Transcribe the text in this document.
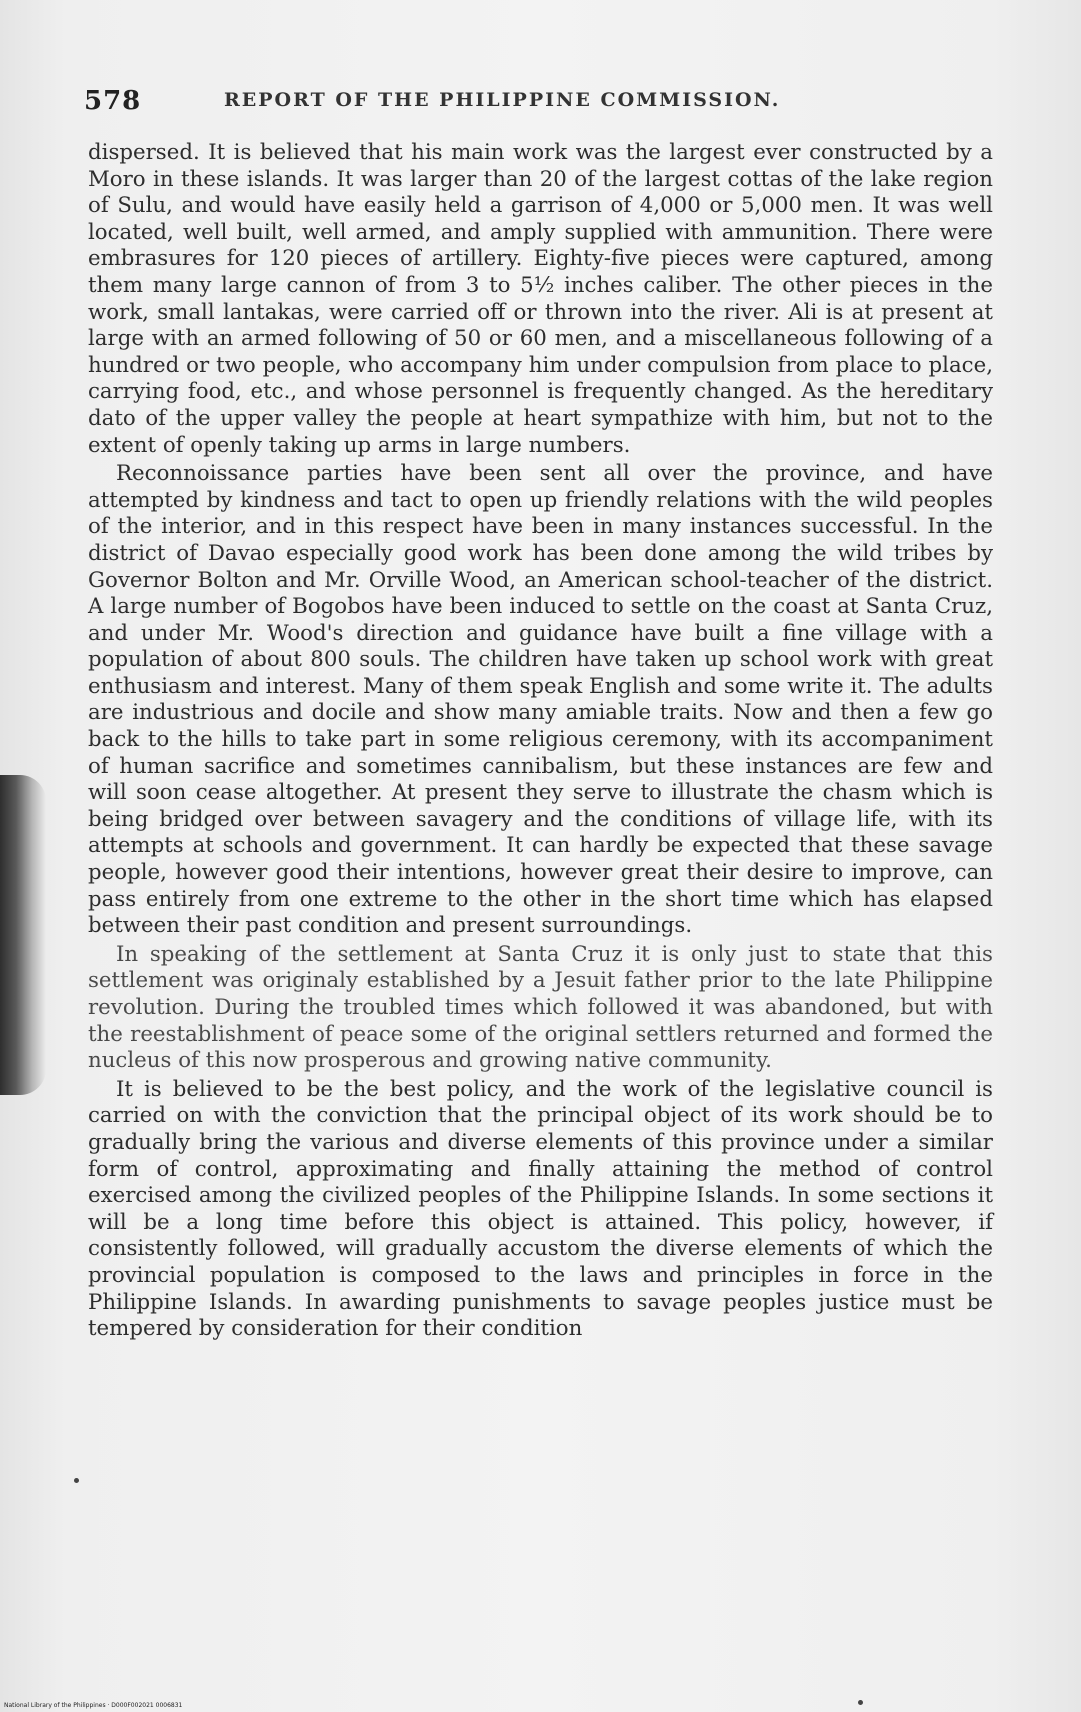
578	REPORT OF THE PHILIPPINE COMMISSION.

dispersed. It is believed that his main work was the largest ever constructed by a Moro in these islands. It was larger than 20 of the largest cottas of the lake region of Sulu, and would have easily held a garrison of 4,000 or 5,000 men. It was well located, well built, well armed, and amply supplied with ammunition. There were embrasures for 120 pieces of artillery. Eighty-five pieces were captured, among them many large cannon of from 3 to 5½ inches caliber. The other pieces in the work, small lantakas, were carried off or thrown into the river. Ali is at present at large with an armed following of 50 or 60 men, and a miscellaneous following of a hundred or two people, who accompany him under compulsion from place to place, carrying food, etc., and whose personnel is frequently changed. As the hereditary dato of the upper valley the people at heart sympathize with him, but not to the extent of openly taking up arms in large numbers.

Reconnoissance parties have been sent all over the province, and have attempted by kindness and tact to open up friendly relations with the wild peoples of the interior, and in this respect have been in many instances successful. In the district of Davao especially good work has been done among the wild tribes by Governor Bolton and Mr. Orville Wood, an American school-teacher of the district. A large number of Bogobos have been induced to settle on the coast at Santa Cruz, and under Mr. Wood's direction and guidance have built a fine village with a population of about 800 souls. The children have taken up school work with great enthusiasm and interest. Many of them speak English and some write it. The adults are industrious and docile and show many amiable traits. Now and then a few go back to the hills to take part in some religious ceremony, with its accompaniment of human sacrifice and sometimes cannibalism, but these instances are few and will soon cease altogether. At present they serve to illustrate the chasm which is being bridged over between savagery and the conditions of village life, with its attempts at schools and government. It can hardly be expected that these savage people, however good their intentions, however great their desire to improve, can pass entirely from one extreme to the other in the short time which has elapsed between their past condition and present surroundings.

In speaking of the settlement at Santa Cruz it is only just to state that this settlement was originaly established by a Jesuit father prior to the late Philippine revolution. During the troubled times which followed it was abandoned, but with the reestablishment of peace some of the original settlers returned and formed the nucleus of this now prosperous and growing native community.

It is believed to be the best policy, and the work of the legislative council is carried on with the conviction that the principal object of its work should be to gradually bring the various and diverse elements of this province under a similar form of control, approximating and finally attaining the method of control exercised among the civilized peoples of the Philippine Islands. In some sections it will be a long time before this object is attained. This policy, however, if consistently followed, will gradually accustom the diverse elements of which the provincial population is composed to the laws and principles in force in the Philippine Islands. In awarding punishments to savage peoples justice must be tempered by consideration for their condition

National Library of the Philippines · D000F002021 0006831
